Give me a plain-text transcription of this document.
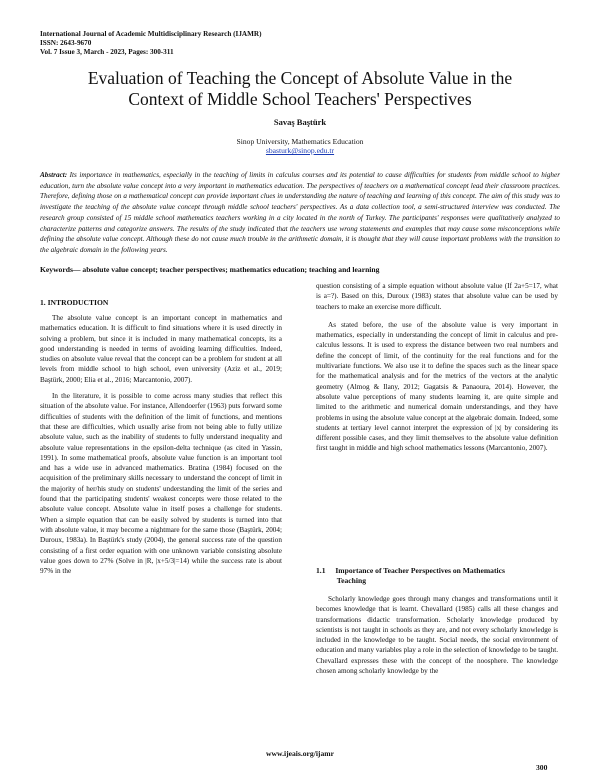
International Journal of Academic Multidisciplinary Research (IJAMR)
ISSN: 2643-9670
Vol. 7 Issue 3, March - 2023, Pages: 300-311
Evaluation of Teaching the Concept of Absolute Value in the
Context of Middle School Teachers' Perspectives
Savaş Baştürk
Sinop University, Mathematics Education
sbasturk@sinop.edu.tr
Abstract: Its importance in mathematics, especially in the teaching of limits in calculus courses and its potential to cause difficulties for students from middle school to higher education, turn the absolute value concept into a very important in mathematics education. The perspectives of teachers on a mathematical concept lead their classroom practices. Therefore, defining those on a mathematical concept can provide important clues in understanding the nature of teaching and learning of this concept. The aim of this study was to investigate the teaching of the absolute value concept through middle school teachers' perspectives. As a data collection tool, a semi-structured interview was conducted. The research group consisted of 15 middle school mathematics teachers working in a city located in the north of Turkey. The participants' responses were qualitatively analyzed to characterize patterns and categorize answers. The results of the study indicated that the teachers use wrong statements and examples that may cause some misconceptions while defining the absolute value concept. Although these do not cause much trouble in the arithmetic domain, it is thought that they will cause important problems with the transition to the algebraic domain in the following years.
Keywords— absolute value concept; teacher perspectives; mathematics education; teaching and learning
1. INTRODUCTION

The absolute value concept is an important concept in mathematics and mathematics education. It is difficult to find situations where it is used directly in solving a problem, but since it is included in many mathematical concepts, its a good understanding is needed in terms of avoiding learning difficulties. Indeed, studies on absolute value reveal that the concept can be a problem for student at all levels from middle school to high school, even university (Aziz et al., 2019; Baştürk, 2000; Elia et al., 2016; Marcantonio, 2007).

In the literature, it is possible to come across many studies that reflect this situation of the absolute value. For instance, Allendoerfer (1963) puts forward some difficulties of students with the definition of the limit of functions, and mentions that these are difficulties, which usually arise from not being able to fully utilize absolute value, such as the inability of students to fully understand inequality and absolute value representations in the epsilon-delta technique (as cited in Yassin, 1991). In some mathematical proofs, absolute value function is an important tool and has a wide use in advanced mathematics. Bratina (1984) focused on the acquisition of the preliminary skills necessary to understand the concept of limit in the majority of her/his study on students' understanding the limit of the series and found that the participating students' weakest concepts were those related to the absolute value concept. Absolute value in itself poses a challenge for students. When a simple equation that can be easily solved by students is turned into that with absolute value, it may become a nightmare for the same those (Baştürk, 2004; Duroux, 1983a). In Baştürk's study (2004), the general success rate of the question consisting of a first order equation with one unknown variable consisting absolute value goes down to 27% (Solve in |R, |x+5/3|=14) while the success rate is about 97% in the

question consisting of a simple equation without absolute value (If 2a+5=17, what is a=?). Based on this, Duroux (1983) states that absolute value can be used by teachers to make an exercise more difficult.

As stated before, the use of the absolute value is very important in mathematics, especially in understanding the concept of limit in calculus and pre-calculus lessons. It is used to express the distance between two real numbers and define the concept of limit, of the continuity for the real functions and for the multivariate functions. We also use it to define the spaces such as the linear space for the mathematical analysis and for the metrics of the vectors at the analytic geometry (Almog & Ilany, 2012; Gagatsis & Panaoura, 2014). However, the absolute value perceptions of many students learning it, are quite simple and limited to the arithmetic and numerical domain understandings, and they have problems in using the absolute value concept at the algebraic domain. Indeed, some students at tertiary level cannot interpret the expression of |x| by considering its different possible cases, and they limit themselves to the absolute value definition first taught in middle and high school mathematics lessons (Marcantonio, 2007).

1.1 Importance of Teacher Perspectives on Mathematics
Teaching

Scholarly knowledge goes through many changes and transformations until it becomes knowledge that is learnt. Chevallard (1985) calls all these changes and transformations didactic transformation. Scholarly knowledge produced by scientists is not taught in schools as they are, and not every scholarly knowledge is included in the knowledge to be taught. Social needs, the social environment of education and many variables play a role in the selection of knowledge to be taught. Chevallard expresses these with the concept of the noosphere. The knowledge chosen among scholarly knowledge by the

www.ijeais.org/ijamr
300
